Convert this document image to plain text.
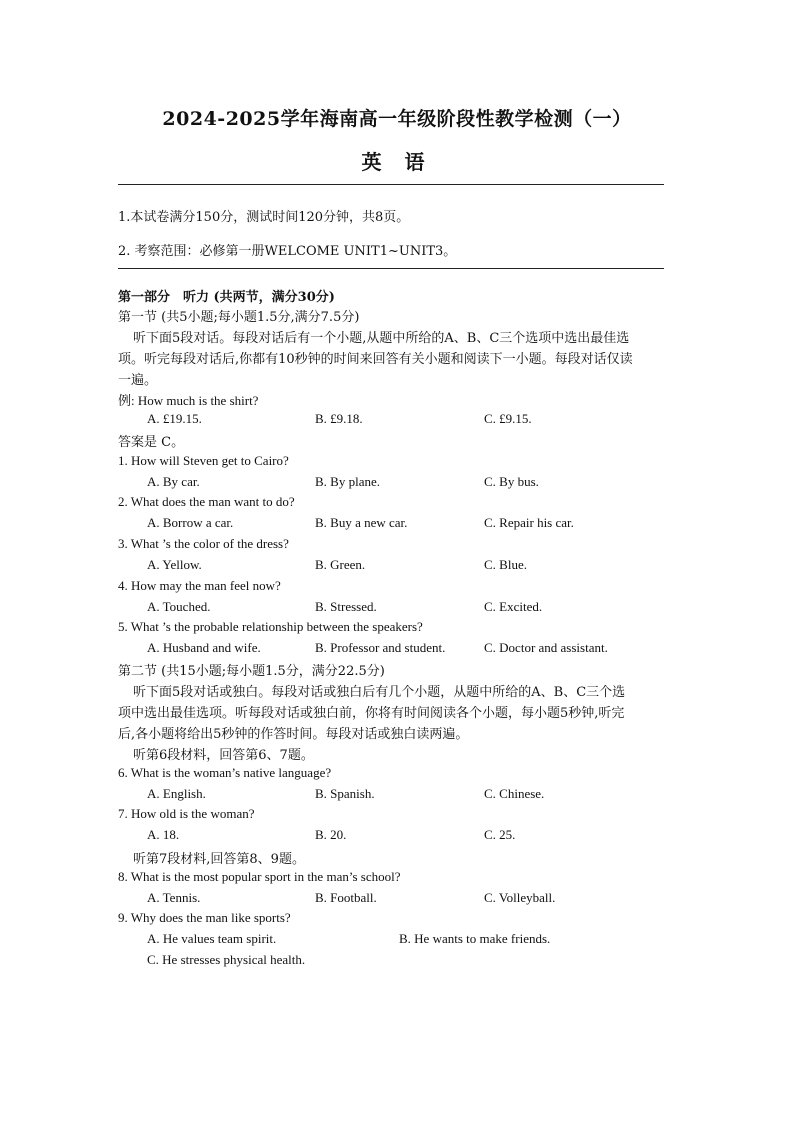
2024-2025学年海南高一年级阶段性教学检测（一）
英 语
1.本试卷满分150分，测试时间120分钟，共8页。
2. 考察范围：必修第一册WELCOME UNIT1~UNIT3。
第一部分　听力 (共两节，满分30分)
第一节 (共5小题;每小题1.5分,满分7.5分)
听下面5段对话。每段对话后有一个小题,从题中所给的A、B、C三个选项中选出最佳选
项。听完每段对话后,你都有10秒钟的时间来回答有关小题和阅读下一小题。每段对话仅读
一遍。
例: How much is the shirt?
A. £19.15.	B. £9.18.	C. £9.15.
答案是 C。
1. How will Steven get to Cairo?
A. By car.	B. By plane.	C. By bus.
2. What does the man want to do?
A. Borrow a car.	B. Buy a new car.	C. Repair his car.
3. What ’s the color of the dress?
A. Yellow.	B. Green.	C. Blue.
4. How may the man feel now?
A. Touched.	B. Stressed.	C. Excited.
5. What ’s the probable relationship between the speakers?
A. Husband and wife.	B. Professor and student.	C. Doctor and assistant.
第二节 (共15小题;每小题1.5分，满分22.5分)
听下面5段对话或独白。每段对话或独白后有几个小题，从题中所给的A、B、C三个选
项中选出最佳选项。听每段对话或独白前，你将有时间阅读各个小题，每小题5秒钟,听完
后,各小题将给出5秒钟的作答时间。每段对话或独白读两遍。
听第6段材料，回答第6、7题。
6. What is the woman’s native language?
A. English.	B. Spanish.	C. Chinese.
7. How old is the woman?
A. 18.	B. 20.	C. 25.
听第7段材料,回答第8、9题。
8. What is the most popular sport in the man’s school?
A. Tennis.	B. Football.	C. Volleyball.
9. Why does the man like sports?
A. He values team spirit.	B. He wants to make friends.
C. He stresses physical health.
